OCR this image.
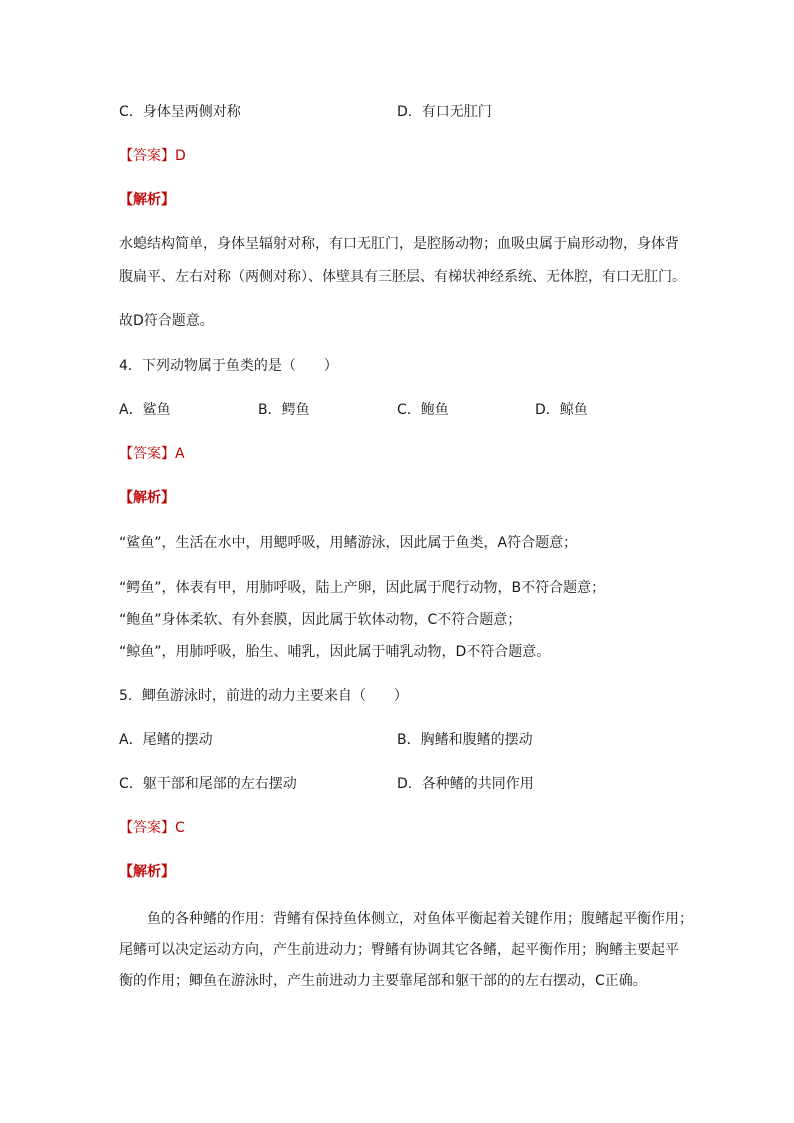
C．身体呈两侧对称	D．有口无肛门
【答案】D
【解析】
水螅结构简单，身体呈辐射对称，有口无肛门，是腔肠动物；血吸虫属于扁形动物，身体背
腹扁平、左右对称（两侧对称）、体壁具有三胚层、有梯状神经系统、无体腔，有口无肛门。
故D符合题意。
4．下列动物属于鱼类的是（　　）
A．鲨鱼	B．鳄鱼	C．鲍鱼	D．鲸鱼
【答案】A
【解析】
“鲨鱼”，生活在水中，用鳃呼吸，用鳍游泳，因此属于鱼类，A符合题意；
“鳄鱼”，体表有甲，用肺呼吸，陆上产卵，因此属于爬行动物，B不符合题意；
“鲍鱼”身体柔软、有外套膜，因此属于软体动物，C不符合题意；
“鲸鱼”，用肺呼吸，胎生、哺乳，因此属于哺乳动物，D不符合题意。
5．鲫鱼游泳时，前进的动力主要来自（　　）
A．尾鳍的摆动	B．胸鳍和腹鳍的摆动
C．躯干部和尾部的左右摆动	D．各种鳍的共同作用
【答案】C
【解析】
鱼的各种鳍的作用：背鳍有保持鱼体侧立，对鱼体平衡起着关键作用；腹鳍起平衡作用；
尾鳍可以决定运动方向，产生前进动力；臀鳍有协调其它各鳍，起平衡作用；胸鳍主要起平
衡的作用；鲫鱼在游泳时，产生前进动力主要靠尾部和躯干部的的左右摆动，C正确。
